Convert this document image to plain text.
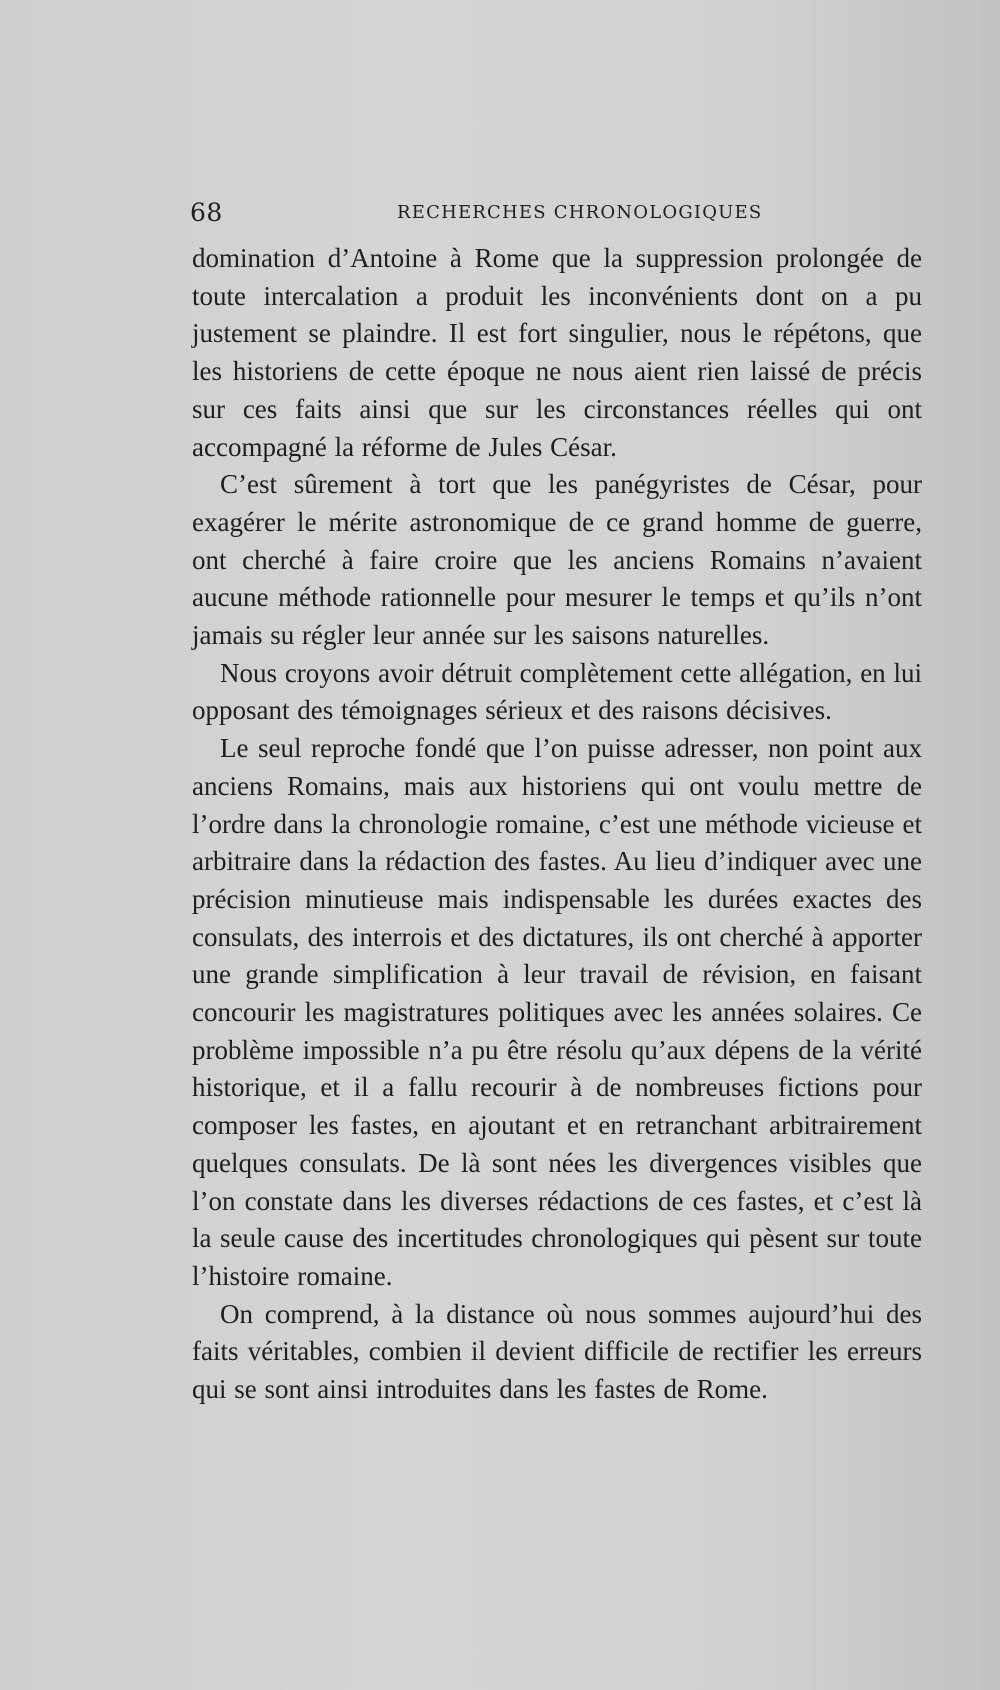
68	RECHERCHES CHRONOLOGIQUES

domination d’Antoine à Rome que la suppression prolongée de toute intercalation a produit les inconvénients dont on a pu justement se plaindre. Il est fort singulier, nous le répétons, que les historiens de cette époque ne nous aient rien laissé de précis sur ces faits ainsi que sur les circonstances réelles qui ont accompagné la réforme de Jules César.

C’est sûrement à tort que les panégyristes de César, pour exagérer le mérite astronomique de ce grand homme de guerre, ont cherché à faire croire que les anciens Romains n’avaient aucune méthode rationnelle pour mesurer le temps et qu’ils n’ont jamais su régler leur année sur les saisons naturelles.

Nous croyons avoir détruit complètement cette allégation, en lui opposant des témoignages sérieux et des raisons décisives.

Le seul reproche fondé que l’on puisse adresser, non point aux anciens Romains, mais aux historiens qui ont voulu mettre de l’ordre dans la chronologie romaine, c’est une méthode vicieuse et arbitraire dans la rédaction des fastes. Au lieu d’indiquer avec une précision minutieuse mais indispensable les durées exactes des consulats, des interrois et des dictatures, ils ont cherché à apporter une grande simplification à leur travail de révision, en faisant concourir les magistratures politiques avec les années solaires. Ce problème impossible n’a pu être résolu qu’aux dépens de la vérité historique, et il a fallu recourir à de nombreuses fictions pour composer les fastes, en ajoutant et en retranchant arbitrairement quelques consulats. De là sont nées les divergences visibles que l’on constate dans les diverses rédactions de ces fastes, et c’est là la seule cause des incertitudes chronologiques qui pèsent sur toute l’histoire romaine.

On comprend, à la distance où nous sommes aujourd’hui des faits véritables, combien il devient difficile de rectifier les erreurs qui se sont ainsi introduites dans les fastes de Rome.
